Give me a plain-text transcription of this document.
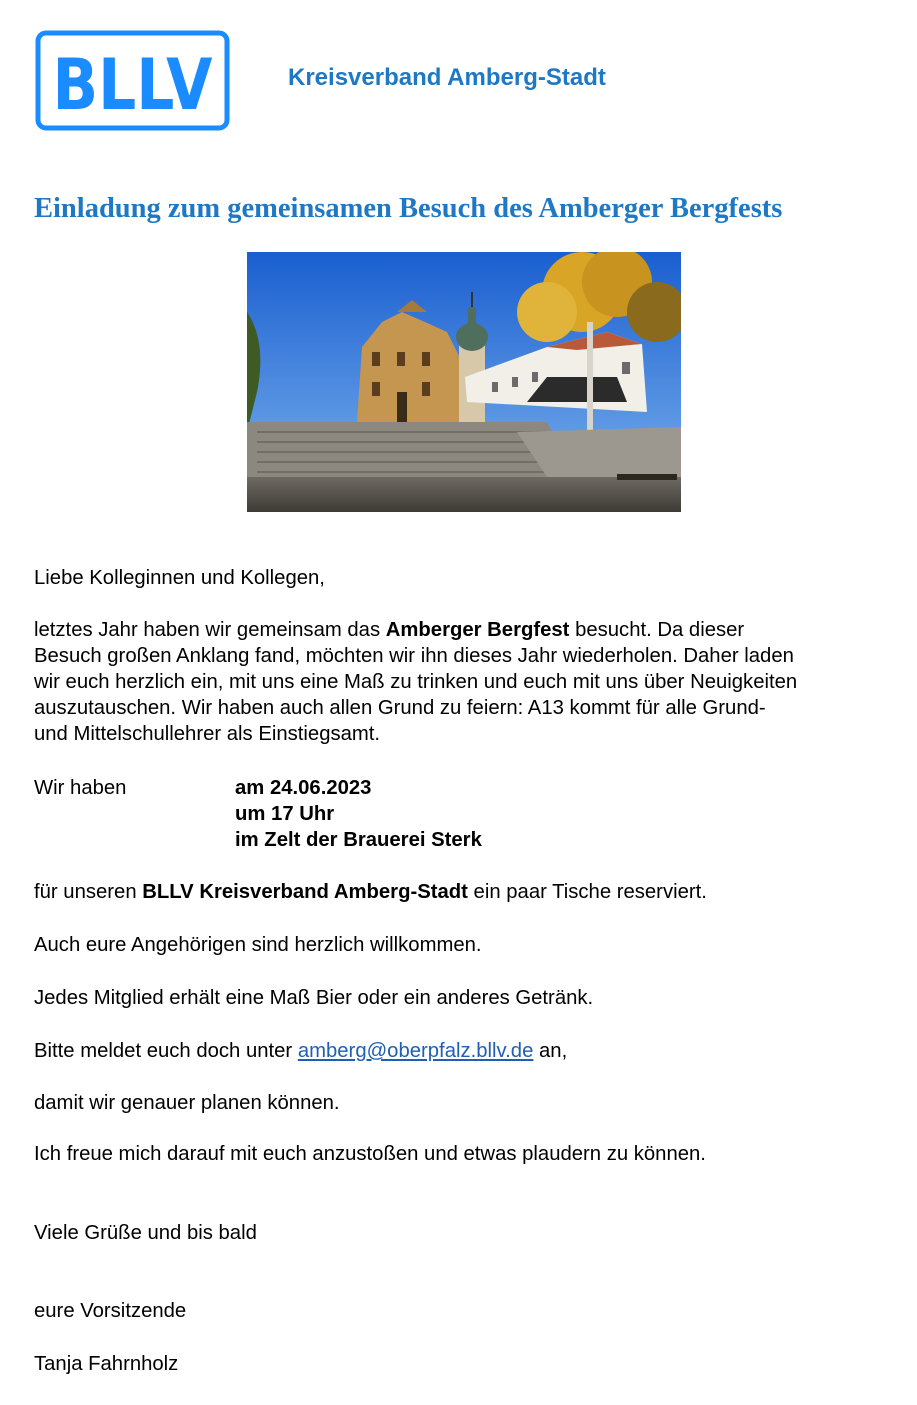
BLLV	Kreisverband Amberg-Stadt
Einladung zum gemeinsamen Besuch des Amberger Bergfests
Liebe Kolleginnen und Kollegen,
letztes Jahr haben wir gemeinsam das Amberger Bergfest besucht. Da dieser
Besuch großen Anklang fand, möchten wir ihn dieses Jahr wiederholen. Daher laden
wir euch herzlich ein, mit uns eine Maß zu trinken und euch mit uns über Neuigkeiten
auszutauschen. Wir haben auch allen Grund zu feiern: A13 kommt für alle Grund-
und Mittelschullehrer als Einstiegsamt.
Wir haben	am 24.06.2023
um 17 Uhr
im Zelt der Brauerei Sterk
für unseren BLLV Kreisverband Amberg-Stadt ein paar Tische reserviert.
Auch eure Angehörigen sind herzlich willkommen.
Jedes Mitglied erhält eine Maß Bier oder ein anderes Getränk.
Bitte meldet euch doch unter amberg@oberpfalz.bllv.de an,
damit wir genauer planen können.
Ich freue mich darauf mit euch anzustoßen und etwas plaudern zu können.
Viele Grüße und bis bald
eure Vorsitzende
Tanja Fahrnholz
